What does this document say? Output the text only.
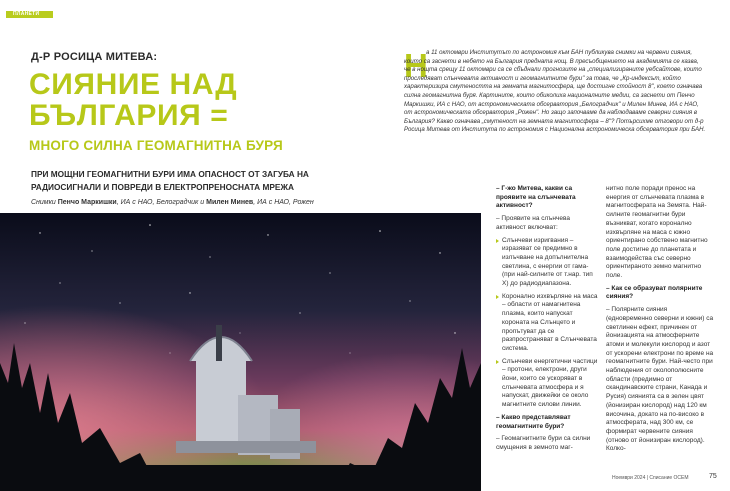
ПЛАНЕТИ
Д-Р РОСИЦА МИТЕВА:
СИЯНИЕ НАД
БЪЛГАРИЯ =
МНОГО СИЛНА ГЕОМАГНИТНА БУРЯ
ПРИ МОЩНИ ГЕОМАГНИТНИ БУРИ ИМА ОПАСНОСТ ОТ ЗАГУБА НА РАДИОСИГНАЛИ И ПОВРЕДИ В ЕЛЕКТРОПРЕНОСНАТА МРЕЖА
Снимки Пенчо Маркишки, ИА с НАО, Белоградчик и Милен Минев, ИА с НАО, Рожен
Н

а 11 октомври Институтът по астрономия към БАН публикува снимки на червени сияния, които са заснети в небето на България предната нощ. В пресъобщението на академията се казва, че в нощта срещу 11 октомври са се сбъднали прогнозите на „специализираните уебсайтове, които проследяват слънчевата активност и геомагнитните бури" за това, че „Кр-индексът, който характеризира смутеността на земната магнитосфера, ще достигне стойност 8", което означава силна геомагнитна буря. Картините, които обиколиха националните медии, са заснети от Пенчо Маркишки, ИА с НАО, от астрономическата обсерватория „Белоградчик" и Милен Минев, ИА с НАО, от астрономическата обсерватория „Рожен". Но защо започваме да наблюдаваме северни сияния в България? Какво означава „смутеност на земната магнитосфера – 8"? Потърсихме отговори от д-р Росица Митева от Института по астрономия с Национална астрономическа обсерватория при БАН.

– Г-жо Митева, какви са проявите на слънчевата активност?

– Проявите на слънчева активност включват:

Слънчеви изригвания – изразяват се предимно в излъчване на допълнителна светлина, с енергии от гама- (при най-силните от т.нар. тип X) до радиодиапазона.

Коронално изхвърляне на маса – области от намагнитена плазма, които напускат короната на Слънцето и пропътуват да се разпространяват в Слънчевата система.

Слънчеви енергетични частици – протони, електрони, други йони, които се ускоряват в слънчевата атмосфера и я напускат, движейки се около магнитните силови линии.

– Какво представляват геомагнитните бури?

– Геомагнитните бури са силни смущения в земното маг-

нитно поле поради пренос на енергия от слънчевата плазма в магнитосферата на Земята. Най-силните геомагнитни бури възникват, когато коронално изхвърляне на маса с южно ориентирано собствено магнитно поле достигне до планетата и взаимодейства със северно ориентираното земно магнитно поле.

– Как се образуват полярните сияния?

– Полярните сияния (едновременно северни и южни) са светлинен ефект, причинен от йонизацията на атмосферните атоми и молекули кислород и азот от ускорени електрони по време на геомагнитните бури. Най-често при наблюдения от околополюсните области (предимно от скандинавските страни, Канада и Русия) сиянията са в зелен цвят (йонизиран кислород) над 120 км височина, докато на по-високо в атмосферата, над 300 км, се формират червените сияния (отново от йонизиран кислород). Колко-

Ноември 2024 | Списание ОСЕМ	75
